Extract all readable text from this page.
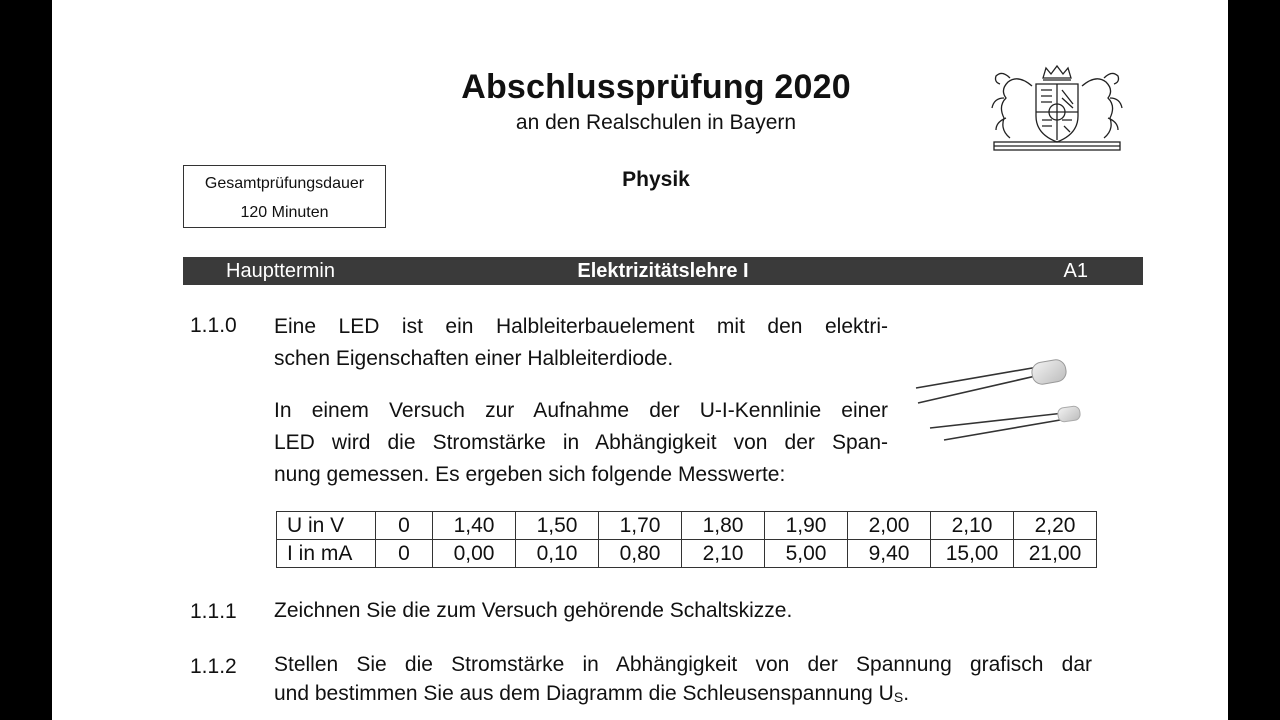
Abschlussprüfung 2020
an den Realschulen in Bayern
Gesamtprüfungsdauer
120 Minuten
Physik
Haupttermin	Elektrizitätslehre I	A1
1.1.0 Eine LED ist ein Halbleiterbauelement mit den elektri-
schen Eigenschaften einer Halbleiterdiode.
In einem Versuch zur Aufnahme der U-I-Kennlinie einer
LED wird die Stromstärke in Abhängigkeit von der Span-
nung gemessen. Es ergeben sich folgende Messwerte:
U in V	0	1,40	1,50	1,70	1,80	1,90	2,00	2,10	2,20
I in mA	0	0,00	0,10	0,80	2,10	5,00	9,40	15,00	21,00
1.1.1 Zeichnen Sie die zum Versuch gehörende Schaltskizze.
1.1.2 Stellen Sie die Stromstärke in Abhängigkeit von der Spannung grafisch dar
und bestimmen Sie aus dem Diagramm die Schleusenspannung $U_S$.
